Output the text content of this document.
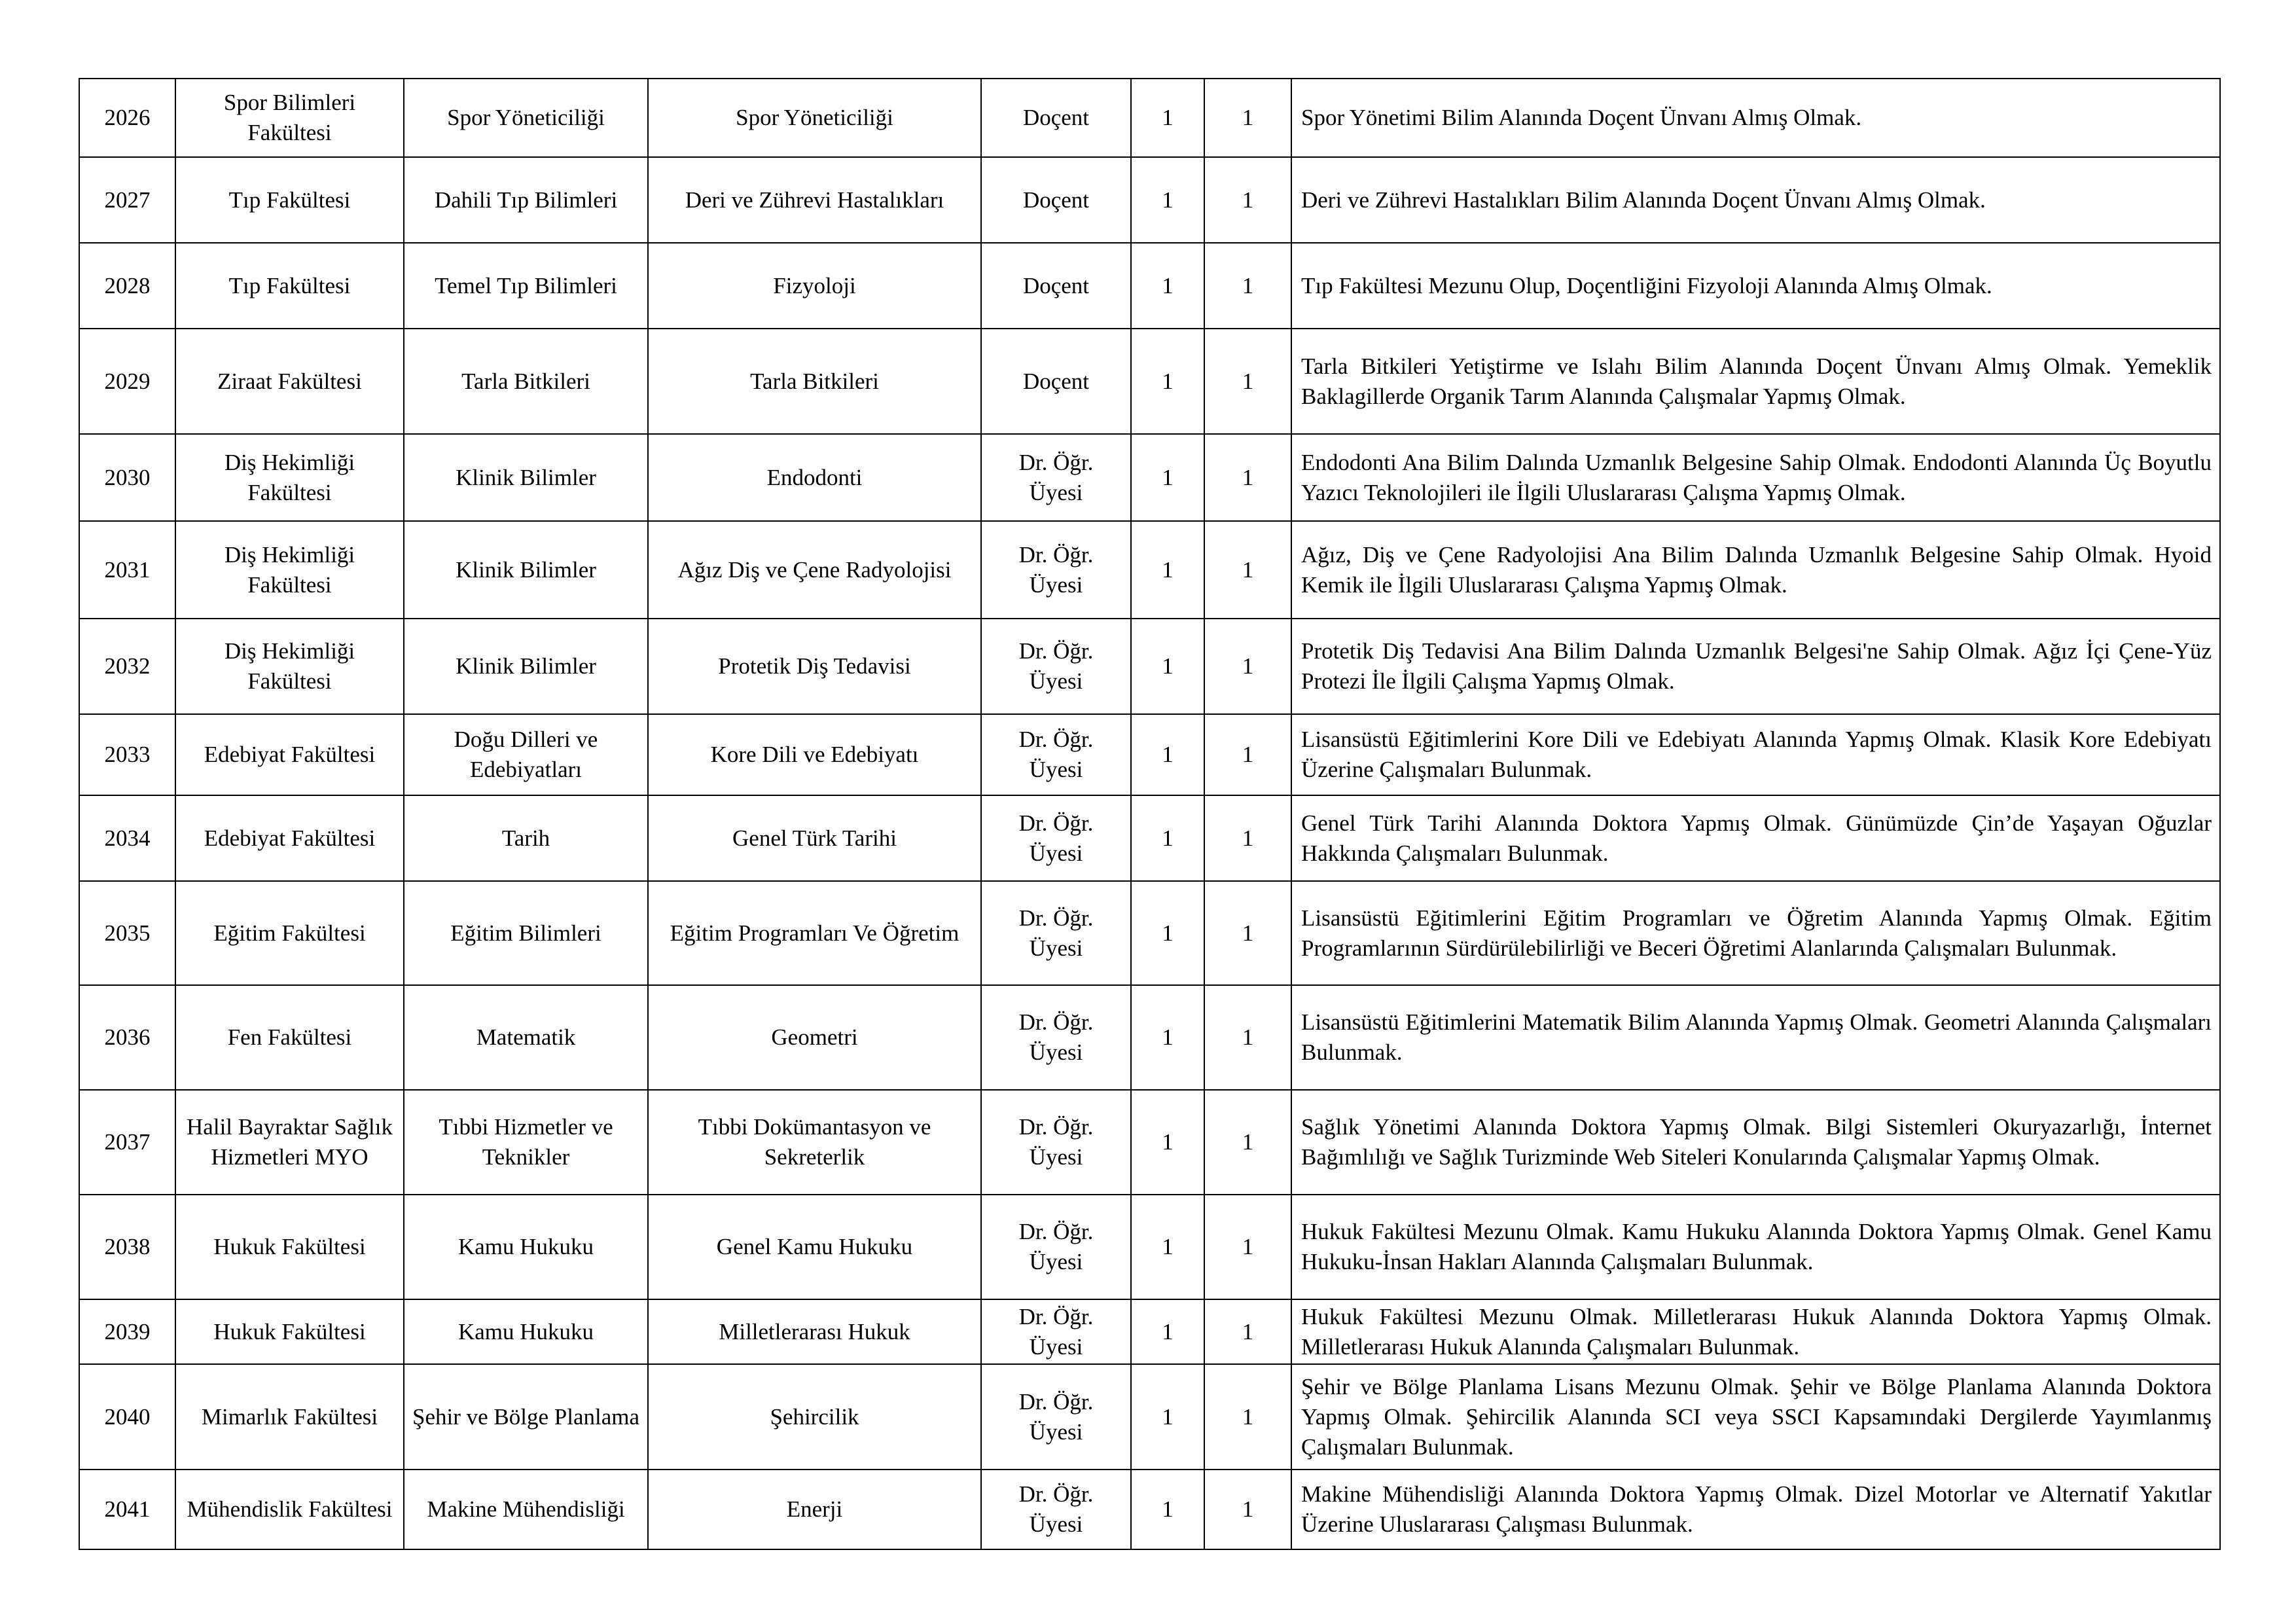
2026	Spor Bilimleri Fakültesi	Spor Yöneticiliği	Spor Yöneticiliği	Doçent	1	1	Spor Yönetimi Bilim Alanında Doçent Ünvanı Almış Olmak.
2027	Tıp Fakültesi	Dahili Tıp Bilimleri	Deri ve Zührevi Hastalıkları	Doçent	1	1	Deri ve Zührevi Hastalıkları Bilim Alanında Doçent Ünvanı Almış Olmak.
2028	Tıp Fakültesi	Temel Tıp Bilimleri	Fizyoloji	Doçent	1	1	Tıp Fakültesi Mezunu Olup, Doçentliğini Fizyoloji Alanında Almış Olmak.
2029	Ziraat Fakültesi	Tarla Bitkileri	Tarla Bitkileri	Doçent	1	1	Tarla Bitkileri Yetiştirme ve Islahı Bilim Alanında Doçent Ünvanı Almış Olmak. Yemeklik Baklagillerde Organik Tarım Alanında Çalışmalar Yapmış Olmak.
2030	Diş Hekimliği Fakültesi	Klinik Bilimler	Endodonti	Dr. Öğr. Üyesi	1	1	Endodonti Ana Bilim Dalında Uzmanlık Belgesine Sahip Olmak. Endodonti Alanında Üç Boyutlu Yazıcı Teknolojileri ile İlgili Uluslararası Çalışma Yapmış Olmak.
2031	Diş Hekimliği Fakültesi	Klinik Bilimler	Ağız Diş ve Çene Radyolojisi	Dr. Öğr. Üyesi	1	1	Ağız, Diş ve Çene Radyolojisi Ana Bilim Dalında Uzmanlık Belgesine Sahip Olmak. Hyoid Kemik ile İlgili Uluslararası Çalışma Yapmış Olmak.
2032	Diş Hekimliği Fakültesi	Klinik Bilimler	Protetik Diş Tedavisi	Dr. Öğr. Üyesi	1	1	Protetik Diş Tedavisi Ana Bilim Dalında Uzmanlık Belgesi'ne Sahip Olmak. Ağız İçi Çene-Yüz Protezi İle İlgili Çalışma Yapmış Olmak.
2033	Edebiyat Fakültesi	Doğu Dilleri ve Edebiyatları	Kore Dili ve Edebiyatı	Dr. Öğr. Üyesi	1	1	Lisansüstü Eğitimlerini Kore Dili ve Edebiyatı Alanında Yapmış Olmak. Klasik Kore Edebiyatı Üzerine Çalışmaları Bulunmak.
2034	Edebiyat Fakültesi	Tarih	Genel Türk Tarihi	Dr. Öğr. Üyesi	1	1	Genel Türk Tarihi Alanında Doktora Yapmış Olmak. Günümüzde Çin’de Yaşayan Oğuzlar Hakkında Çalışmaları Bulunmak.
2035	Eğitim Fakültesi	Eğitim Bilimleri	Eğitim Programları Ve Öğretim	Dr. Öğr. Üyesi	1	1	Lisansüstü Eğitimlerini Eğitim Programları ve Öğretim Alanında Yapmış Olmak. Eğitim Programlarının Sürdürülebilirliği ve Beceri Öğretimi Alanlarında Çalışmaları Bulunmak.
2036	Fen Fakültesi	Matematik	Geometri	Dr. Öğr. Üyesi	1	1	Lisansüstü Eğitimlerini Matematik Bilim Alanında Yapmış Olmak. Geometri Alanında Çalışmaları Bulunmak.
2037	Halil Bayraktar Sağlık Hizmetleri MYO	Tıbbi Hizmetler ve Teknikler	Tıbbi Dokümantasyon ve Sekreterlik	Dr. Öğr. Üyesi	1	1	Sağlık Yönetimi Alanında Doktora Yapmış Olmak. Bilgi Sistemleri Okuryazarlığı, İnternet Bağımlılığı ve Sağlık Turizminde Web Siteleri Konularında Çalışmalar Yapmış Olmak.
2038	Hukuk Fakültesi	Kamu Hukuku	Genel Kamu Hukuku	Dr. Öğr. Üyesi	1	1	Hukuk Fakültesi Mezunu Olmak. Kamu Hukuku Alanında Doktora Yapmış Olmak. Genel Kamu Hukuku-İnsan Hakları Alanında Çalışmaları Bulunmak.
2039	Hukuk Fakültesi	Kamu Hukuku	Milletlerarası Hukuk	Dr. Öğr. Üyesi	1	1	Hukuk Fakültesi Mezunu Olmak. Milletlerarası Hukuk Alanında Doktora Yapmış Olmak. Milletlerarası Hukuk Alanında Çalışmaları Bulunmak.
2040	Mimarlık Fakültesi	Şehir ve Bölge Planlama	Şehircilik	Dr. Öğr. Üyesi	1	1	Şehir ve Bölge Planlama Lisans Mezunu Olmak. Şehir ve Bölge Planlama Alanında Doktora Yapmış Olmak. Şehircilik Alanında SCI veya SSCI Kapsamındaki Dergilerde Yayımlanmış Çalışmaları Bulunmak.
2041	Mühendislik Fakültesi	Makine Mühendisliği	Enerji	Dr. Öğr. Üyesi	1	1	Makine Mühendisliği Alanında Doktora Yapmış Olmak. Dizel Motorlar ve Alternatif Yakıtlar Üzerine Uluslararası Çalışması Bulunmak.
